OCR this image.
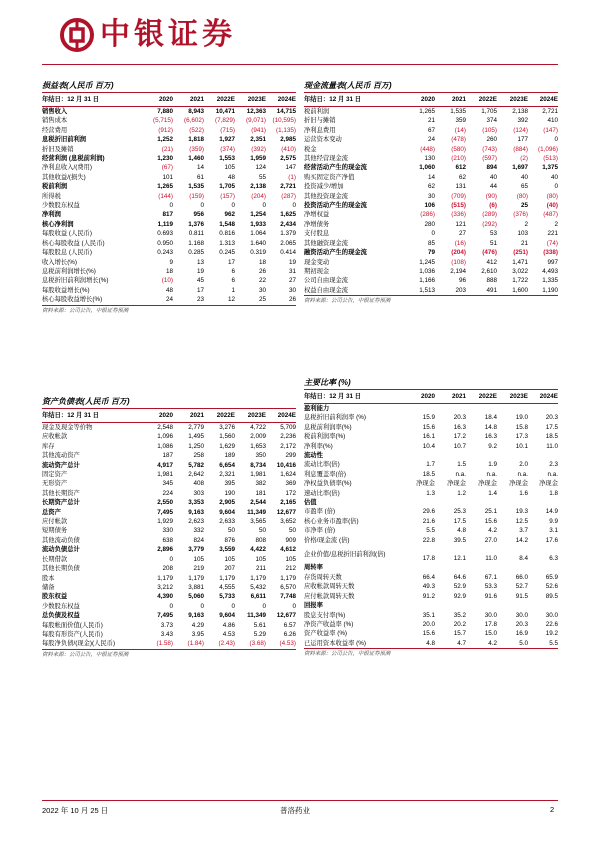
中银证券
损益表(人民币 百万)
年结日：12 月 31 日	2020	2021	2022E	2023E	2024E
销售收入	7,880	8,943	10,471	12,363	14,715
销售成本	(5,715)	(6,602)	(7,829)	(9,071)	(10,595)
经营费用	(912)	(522)	(715)	(941)	(1,135)
息税折旧前利润	1,252	1,818	1,927	2,351	2,985
折旧及摊销	(21)	(359)	(374)	(392)	(410)
经营利润 (息税前利润)	1,230	1,460	1,553	1,959	2,575
净利息收入/(费用)	(67)	14	105	124	147
其他收益/(损失)	101	61	48	55	(1)
税前利润	1,265	1,535	1,705	2,138	2,721
所得税	(144)	(159)	(157)	(204)	(287)
少数股东权益	0	0	0	0	0
净利润	817	956	962	1,254	1,625
核心净利润	1,119	1,376	1,548	1,933	2,434
每股收益 (人民币)	0.693	0.811	0.816	1.064	1.379
核心每股收益 (人民币)	0.950	1.168	1.313	1.640	2.065
每股股息 (人民币)	0.243	0.285	0.245	0.319	0.414
收入增长(%)	9	13	17	18	19
息税前利润增长(%)	18	19	6	26	31
息税折旧前利润增长(%)	(10)	45	6	22	27
每股收益增长(%)	48	17	1	30	30
核心每股收益增长(%)	24	23	12	25	26
资料来源：公司公告，中银证券预测
资产负债表(人民币 百万)
年结日：12 月 31 日	2020	2021	2022E	2023E	2024E
现金及现金等价物	2,548	2,779	3,276	4,722	5,709
应收帐款	1,096	1,495	1,560	2,009	2,236
库存	1,086	1,250	1,629	1,653	2,172
其他流动资产	187	258	189	350	299
流动资产总计	4,917	5,782	6,654	8,734	10,416
固定资产	1,981	2,642	2,321	1,981	1,624
无形资产	345	408	395	382	369
其他长期资产	224	303	190	181	172
长期资产总计	2,550	3,353	2,905	2,544	2,165
总资产	7,495	9,163	9,604	11,349	12,677
应付帐款	1,929	2,623	2,633	3,565	3,652
短期债务	330	332	50	50	50
其他流动负债	638	824	876	808	909
流动负债总计	2,896	3,779	3,559	4,422	4,612
长期借款	0	105	105	105	105
其他长期负债	208	219	207	211	212
股本	1,179	1,179	1,179	1,179	1,179
储备	3,212	3,881	4,555	5,432	6,570
股东权益	4,390	5,060	5,733	6,611	7,748
少数股东权益	0	0	0	0	0
总负债及权益	7,495	9,163	9,604	11,349	12,677
每股帐面价值(人民币)	3.73	4.29	4.86	5.61	6.57
每股有形资产(人民币)	3.43	3.95	4.53	5.29	6.26
每股净负债/(现金)(人民币)	(1.58)	(1.84)	(2.43)	(3.68)	(4.53)
资料来源：公司公告，中银证券预测
现金流量表(人民币 百万)
年结日：12 月 31 日	2020	2021	2022E	2023E	2024E
税前利润	1,265	1,535	1,705	2,138	2,721
折旧与摊销	21	359	374	392	410
净利息费用	67	(14)	(105)	(124)	(147)
运营资本变动	24	(478)	260	177	0
税金	(448)	(580)	(743)	(884)	(1,096)
其他经营现金流	130	(210)	(597)	(2)	(513)
经营活动产生的现金流	1,060	612	894	1,697	1,375
购买固定资产净值	14	62	40	40	40
投资减少/增加	62	131	44	65	0
其他投资现金流	30	(709)	(90)	(80)	(80)
投资活动产生的现金流	106	(515)	(6)	25	(40)
净增权益	(286)	(336)	(289)	(376)	(487)
净增债务	280	121	(292)	2	2
支付股息	0	27	53	103	221
其他融资现金流	85	(16)	51	21	(74)
融资活动产生的现金流	79	(204)	(476)	(251)	(338)
现金变动	1,245	(108)	412	1,471	997
期初现金	1,036	2,194	2,610	3,022	4,493
公司自由现金流	1,166	96	888	1,722	1,335
权益自由现金流	1,513	203	491	1,600	1,190
资料来源：公司公告，中银证券预测
主要比率 (%)
年结日：12 月 31 日	2020	2021	2022E	2023E	2024E
盈利能力					
息税折旧前利润率 (%)	15.9	20.3	18.4	19.0	20.3
息税前利润率(%)	15.6	16.3	14.8	15.8	17.5
税前利润率(%)	16.1	17.2	16.3	17.3	18.5
净利率(%)	10.4	10.7	9.2	10.1	11.0
流动性					
流动比率(倍)	1.7	1.5	1.9	2.0	2.3
利息覆盖率(倍)	18.5	n.a.	n.a.	n.a.	n.a.
净权益负债率(%)	净现金	净现金	净现金	净现金	净现金
速动比率(倍)	1.3	1.2	1.4	1.6	1.8
估值					
市盈率 (倍)	29.6	25.3	25.1	19.3	14.9
核心业务市盈率(倍)	21.6	17.5	15.6	12.5	9.9
市净率 (倍)	5.5	4.8	4.2	3.7	3.1
价格/现金流 (倍)	22.8	39.5	27.0	14.2	17.6
企业价值/息税折旧前利润(倍)	17.8	12.1	11.0	8.4	6.3
周转率					
存货周转天数	66.4	64.6	67.1	66.0	65.9
应收帐款周转天数	49.3	52.9	53.3	52.7	52.6
应付帐款周转天数	91.2	92.9	91.6	91.5	89.5
回报率					
股息支付率(%)	35.1	35.2	30.0	30.0	30.0
净资产收益率 (%)	20.0	20.2	17.8	20.3	22.6
资产收益率 (%)	15.6	15.7	15.0	16.9	19.2
已运用资本收益率 (%)	4.8	4.7	4.2	5.0	5.5
资料来源：公司公告，中银证券预测
2022 年 10 月 25 日	普洛药业	2
